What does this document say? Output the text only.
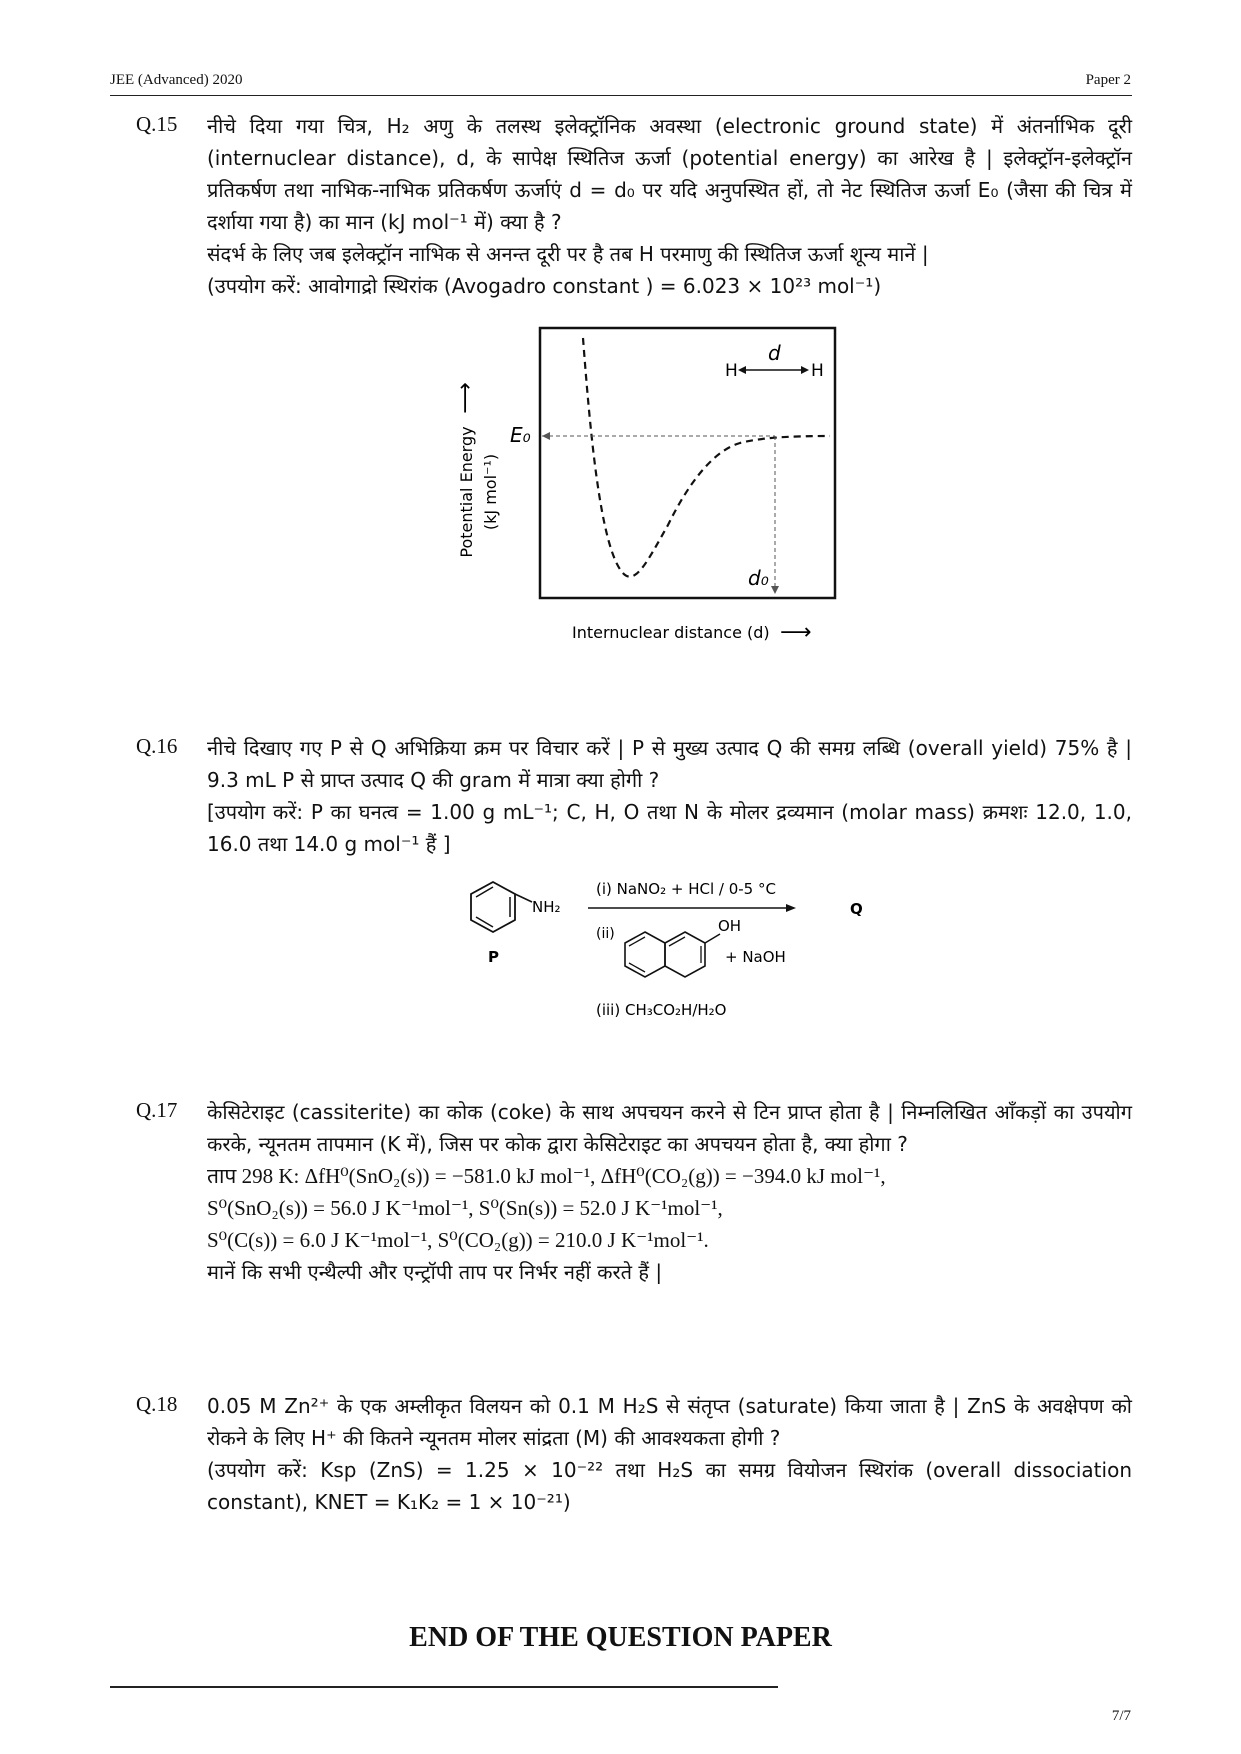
JEE (Advanced) 2020	Paper 2
Q.15 नीचे दिया गया चित्र, H₂ अणु के तलस्थ इलेक्ट्रॉनिक अवस्था (electronic ground state) में अंतर्नाभिक दूरी (internuclear distance), d, के सापेक्ष स्थितिज ऊर्जा (potential energy) का आरेख है | इलेक्ट्रॉन-इलेक्ट्रॉन प्रतिकर्षण तथा नाभिक-नाभिक प्रतिकर्षण ऊर्जाएं d = d₀ पर यदि अनुपस्थित हों, तो नेट स्थितिज ऊर्जा E₀ (जैसा की चित्र में दर्शाया गया है) का मान (kJ mol⁻¹ में) क्या है ?

संदर्भ के लिए जब इलेक्ट्रॉन नाभिक से अनन्त दूरी पर है तब H परमाणु की स्थितिज ऊर्जा शून्य मानें |

(उपयोग करें: आवोगाद्रो स्थिरांक (Avogadro constant ) = 6.023 × 10²³ mol⁻¹)

H	H
d
E₀
d₀
Potential Energy (kJ mol⁻¹)
⟶
Internuclear distance (d) ⟶
Q.16 नीचे दिखाए गए P से Q अभिक्रिया क्रम पर विचार करें | P से मुख्य उत्पाद Q की समग्र लब्धि (overall yield) 75% है | 9.3 mL P से प्राप्त उत्पाद Q की gram में मात्रा क्या होगी ?

[उपयोग करें: P का घनत्व = 1.00 g mL⁻¹; C, H, O तथा N के मोलर द्रव्यमान (molar mass) क्रमशः 12.0, 1.0, 16.0 तथा 14.0 g mol⁻¹ हैं ]

NH₂
P
(i) NaNO₂ + HCl / 0-5 °C
Q
(ii)	OH
+ NaOH
(iii) CH₃CO₂H/H₂O
Q.17 केसिटेराइट (cassiterite) का कोक (coke) के साथ अपचयन करने से टिन प्राप्त होता है | निम्नलिखित आँकड़ों का उपयोग करके, न्यूनतम तापमान (K में), जिस पर कोक द्वारा केसिटेराइट का अपचयन होता है, क्या होगा ?

ताप 298 K: ΔfH⁰(SnO₂(s)) = −581.0 kJ mol⁻¹, ΔfH⁰(CO₂(g)) = −394.0 kJ mol⁻¹,

S⁰(SnO₂(s)) = 56.0 J K⁻¹mol⁻¹, S⁰(Sn(s)) = 52.0 J K⁻¹mol⁻¹,

S⁰(C(s)) = 6.0 J K⁻¹mol⁻¹, S⁰(CO₂(g)) = 210.0 J K⁻¹mol⁻¹.

मानें कि सभी एन्थैल्पी और एन्ट्रॉपी ताप पर निर्भर नहीं करते हैं |

Q.18 0.05 M Zn²⁺ के एक अम्लीकृत विलयन को 0.1 M H₂S से संतृप्त (saturate) किया जाता है | ZnS के अवक्षेपण को रोकने के लिए H⁺ की कितने न्यूनतम मोलर सांद्रता (M) की आवश्यकता होगी ?

(उपयोग करें: Ksp (ZnS) = 1.25 × 10⁻²² तथा H₂S का समग्र वियोजन स्थिरांक (overall dissociation constant), KNET = K₁K₂ = 1 × 10⁻²¹)

END OF THE QUESTION PAPER
7/7
